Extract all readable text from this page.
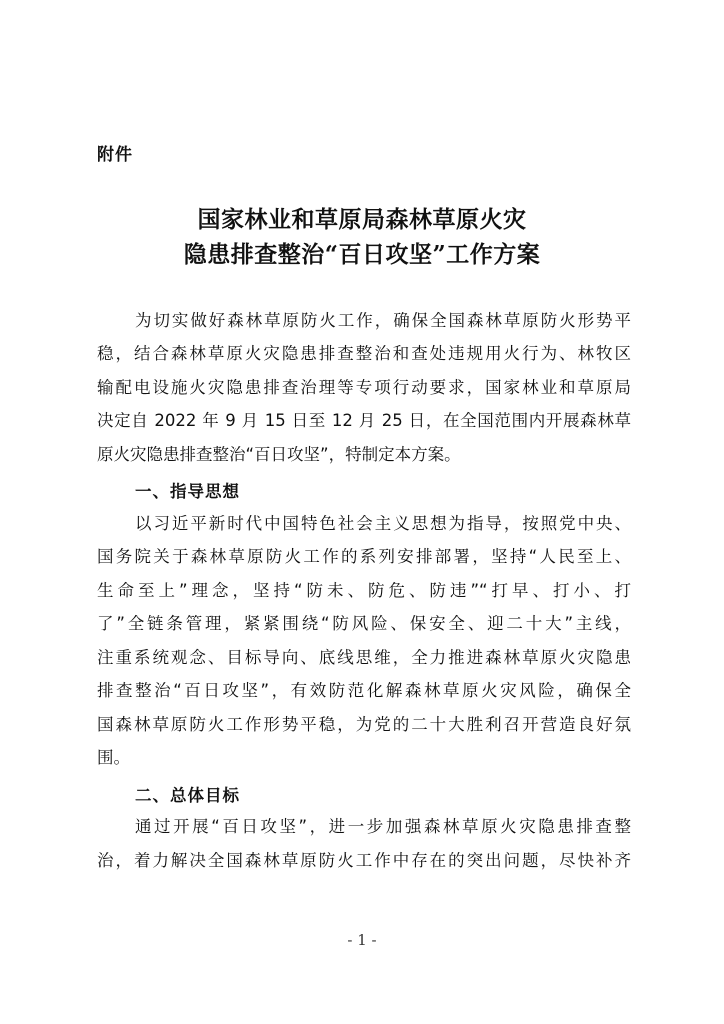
附件
国家林业和草原局森林草原火灾
隐患排查整治“百日攻坚”工作方案
为切实做好森林草原防火工作，确保全国森林草原防火形势平
稳，结合森林草原火灾隐患排查整治和查处违规用火行为、林牧区
输配电设施火灾隐患排查治理等专项行动要求，国家林业和草原局
决定自 2022 年 9 月 15 日至 12 月 25 日，在全国范围内开展森林草
原火灾隐患排查整治“百日攻坚”，特制定本方案。
一、指导思想
以习近平新时代中国特色社会主义思想为指导，按照党中央、
国务院关于森林草原防火工作的系列安排部署，坚持“人民至上、
生命至上”理念，坚持“防未、防危、防违”“打早、打小、打
了”全链条管理，紧紧围绕“防风险、保安全、迎二十大”主线，
注重系统观念、目标导向、底线思维，全力推进森林草原火灾隐患
排查整治“百日攻坚”，有效防范化解森林草原火灾风险，确保全
国森林草原防火工作形势平稳，为党的二十大胜利召开营造良好氛
围。
二、总体目标
通过开展“百日攻坚”，进一步加强森林草原火灾隐患排查整
治，着力解决全国森林草原防火工作中存在的突出问题，尽快补齐
- 1 -
